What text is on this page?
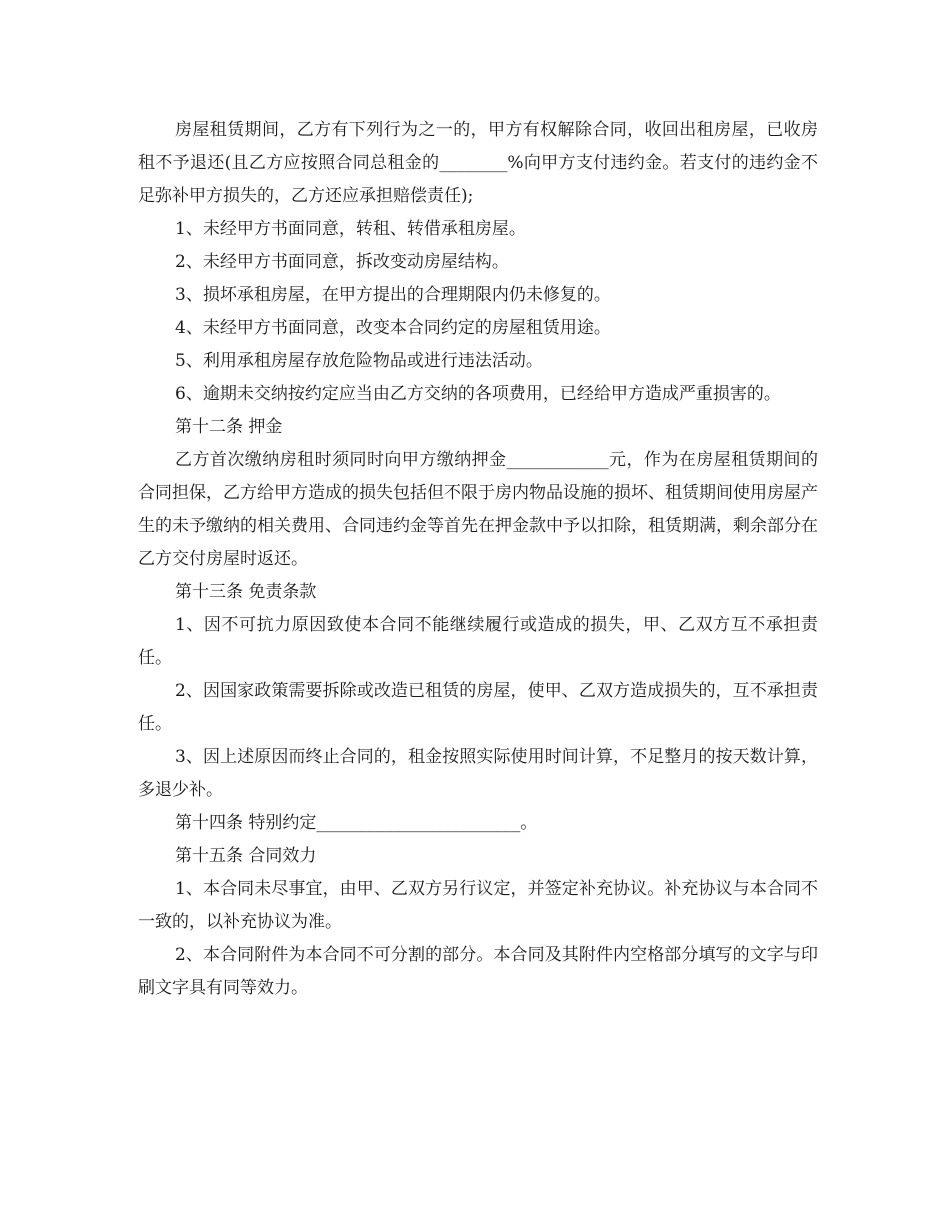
房屋租赁期间，乙方有下列行为之一的，甲方有权解除合同，收回出租房屋，已收房租不予退还(且乙方应按照合同总租金的________%向甲方支付违约金。若支付的违约金不足弥补甲方损失的，乙方还应承担赔偿责任);

1、未经甲方书面同意，转租、转借承租房屋。

2、未经甲方书面同意，拆改变动房屋结构。

3、损坏承租房屋，在甲方提出的合理期限内仍未修复的。

4、未经甲方书面同意，改变本合同约定的房屋租赁用途。

5、利用承租房屋存放危险物品或进行违法活动。

6、逾期未交纳按约定应当由乙方交纳的各项费用，已经给甲方造成严重损害的。

第十二条 押金

乙方首次缴纳房租时须同时向甲方缴纳押金____________元，作为在房屋租赁期间的合同担保，乙方给甲方造成的损失包括但不限于房内物品设施的损坏、租赁期间使用房屋产生的未予缴纳的相关费用、合同违约金等首先在押金款中予以扣除，租赁期满，剩余部分在乙方交付房屋时返还。

第十三条 免责条款

1、因不可抗力原因致使本合同不能继续履行或造成的损失，甲、乙双方互不承担责任。

2、因国家政策需要拆除或改造已租赁的房屋，使甲、乙双方造成损失的，互不承担责任。

3、因上述原因而终止合同的，租金按照实际使用时间计算，不足整月的按天数计算，多退少补。

第十四条 特别约定________________________。

第十五条 合同效力

1、本合同未尽事宜，由甲、乙双方另行议定，并签定补充协议。补充协议与本合同不一致的，以补充协议为准。

2、本合同附件为本合同不可分割的部分。本合同及其附件内空格部分填写的文字与印刷文字具有同等效力。
